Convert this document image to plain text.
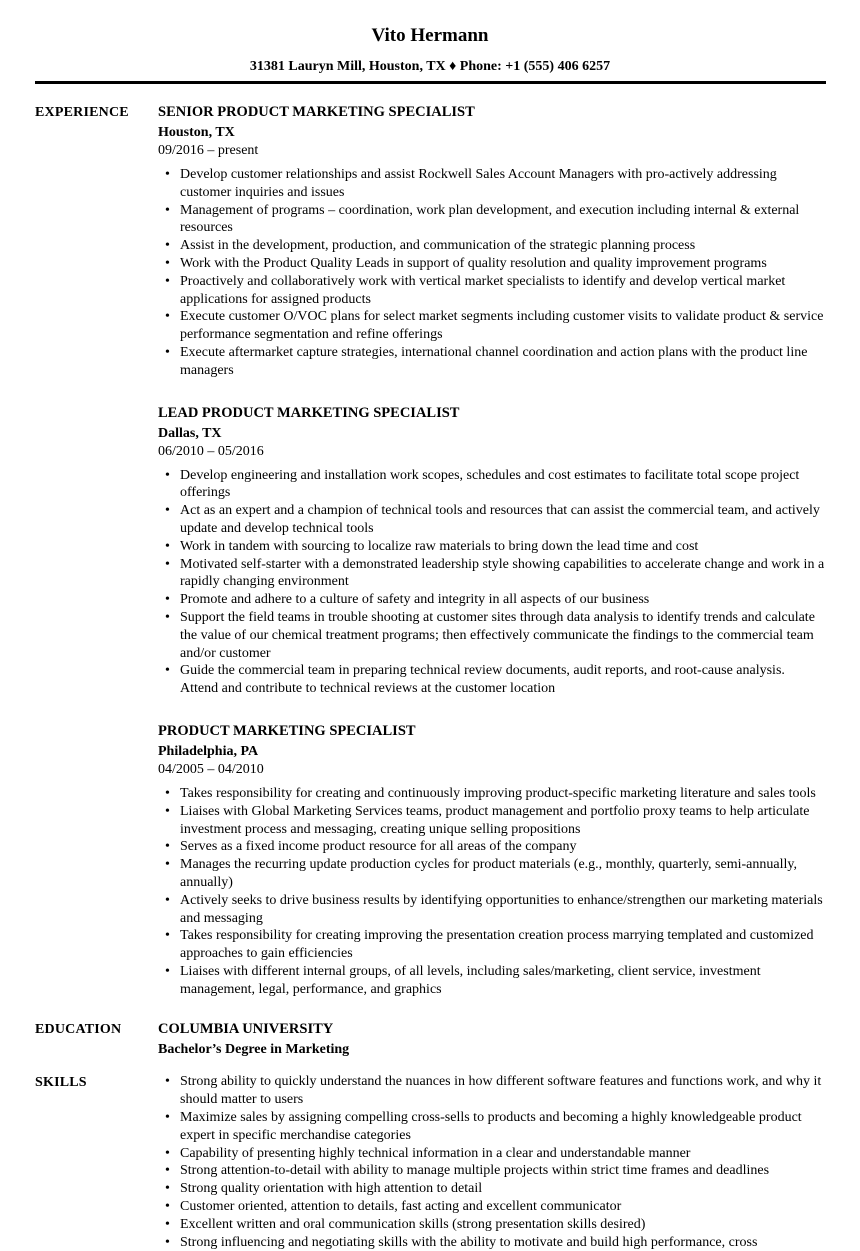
Vito Hermann
31381 Lauryn Mill, Houston, TX ♦ Phone: +1 (555) 406 6257
EXPERIENCE	SENIOR PRODUCT MARKETING SPECIALIST
Houston, TX
09/2016 – present
• Develop customer relationships and assist Rockwell Sales Account Managers with pro-actively addressing customer inquiries and issues
• Management of programs – coordination, work plan development, and execution including internal & external resources
• Assist in the development, production, and communication of the strategic planning process
• Work with the Product Quality Leads in support of quality resolution and quality improvement programs
• Proactively and collaboratively work with vertical market specialists to identify and develop vertical market applications for assigned products
• Execute customer O/VOC plans for select market segments including customer visits to validate product & service performance segmentation and refine offerings
• Execute aftermarket capture strategies, international channel coordination and action plans with the product line managers
LEAD PRODUCT MARKETING SPECIALIST
Dallas, TX
06/2010 – 05/2016
• Develop engineering and installation work scopes, schedules and cost estimates to facilitate total scope project offerings
• Act as an expert and a champion of technical tools and resources that can assist the commercial team, and actively update and develop technical tools
• Work in tandem with sourcing to localize raw materials to bring down the lead time and cost
• Motivated self-starter with a demonstrated leadership style showing capabilities to accelerate change and work in a rapidly changing environment
• Promote and adhere to a culture of safety and integrity in all aspects of our business
• Support the field teams in trouble shooting at customer sites through data analysis to identify trends and calculate the value of our chemical treatment programs; then effectively communicate the findings to the commercial team and/or customer
• Guide the commercial team in preparing technical review documents, audit reports, and root-cause analysis. Attend and contribute to technical reviews at the customer location
PRODUCT MARKETING SPECIALIST
Philadelphia, PA
04/2005 – 04/2010
• Takes responsibility for creating and continuously improving product-specific marketing literature and sales tools
• Liaises with Global Marketing Services teams, product management and portfolio proxy teams to help articulate investment process and messaging, creating unique selling propositions
• Serves as a fixed income product resource for all areas of the company
• Manages the recurring update production cycles for product materials (e.g., monthly, quarterly, semi-annually, annually)
• Actively seeks to drive business results by identifying opportunities to enhance/strengthen our marketing materials and messaging
• Takes responsibility for creating improving the presentation creation process marrying templated and customized approaches to gain efficiencies
• Liaises with different internal groups, of all levels, including sales/marketing, client service, investment management, legal, performance, and graphics
EDUCATION	COLUMBIA UNIVERSITY
Bachelor’s Degree in Marketing
SKILLS	• Strong ability to quickly understand the nuances in how different software features and functions work, and why it should matter to users
• Maximize sales by assigning compelling cross-sells to products and becoming a highly knowledgeable product expert in specific merchandise categories
• Capability of presenting highly technical information in a clear and understandable manner
• Strong attention-to-detail with ability to manage multiple projects within strict time frames and deadlines
• Strong quality orientation with high attention to detail
• Customer oriented, attention to details, fast acting and excellent communicator
• Excellent written and oral communication skills (strong presentation skills desired)
• Strong influencing and negotiating skills with the ability to motivate and build high performance, cross
